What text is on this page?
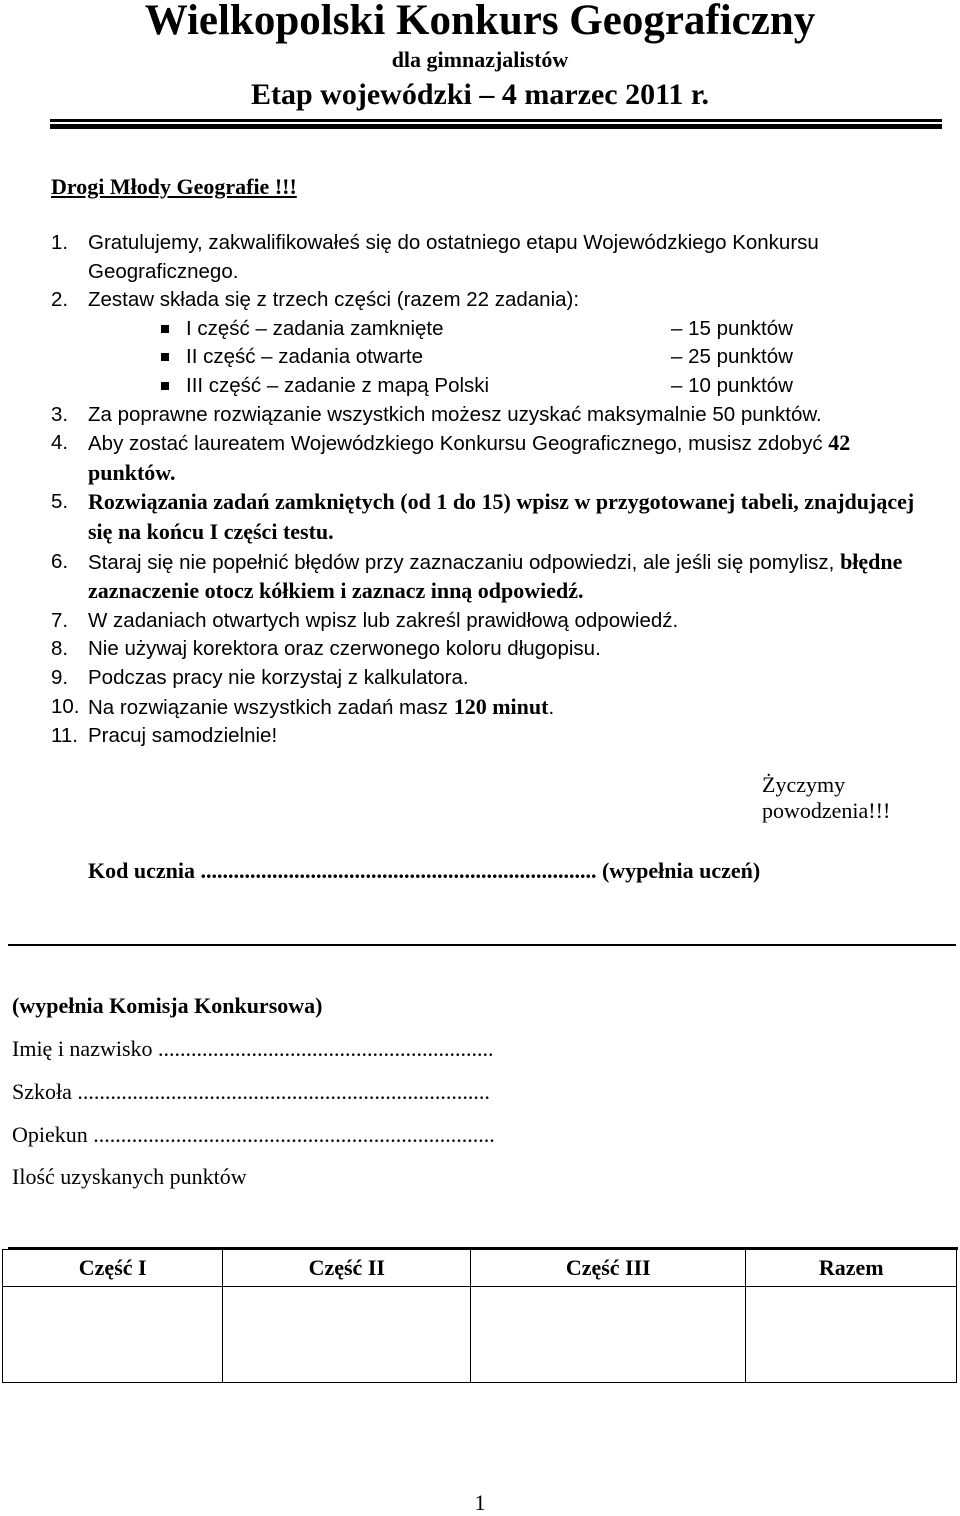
Wielkopolski Konkurs Geograficzny
dla gimnazjalistów
Etap wojewódzki – 4 marzec 2011 r.
Drogi Młody Geografie !!!
1. Gratulujemy, zakwalifikowałeś się do ostatniego etapu Wojewódzkiego Konkursu Geograficznego.
2. Zestaw składa się z trzech części (razem 22 zadania):
I część – zadania zamknięte	– 15 punktów
II część – zadania otwarte	– 25 punktów
III część – zadanie z mapą Polski	– 10 punktów
3. Za poprawne rozwiązanie wszystkich możesz uzyskać maksymalnie 50 punktów.
4. Aby zostać laureatem Wojewódzkiego Konkursu Geograficznego, musisz zdobyć 42 punktów.
5. Rozwiązania zadań zamkniętych (od 1 do 15) wpisz w przygotowanej tabeli, znajdującej się na końcu I części testu.
6. Staraj się nie popełnić błędów przy zaznaczaniu odpowiedzi, ale jeśli się pomylisz, błędne zaznaczenie otocz kółkiem i zaznacz inną odpowiedź.
7. W zadaniach otwartych wpisz lub zakreśl prawidłową odpowiedź.
8. Nie używaj korektora oraz czerwonego koloru długopisu.
9. Podczas pracy nie korzystaj z kalkulatora.
10. Na rozwiązanie wszystkich zadań masz 120 minut.
11. Pracuj samodzielnie!
Życzymy powodzenia!!!
Kod ucznia ........................................................................ (wypełnia uczeń)
(wypełnia Komisja Konkursowa)
Imię i nazwisko .............................................................
Szkoła ...........................................................................
Opiekun .........................................................................
Ilość uzyskanych punktów
Część I	Część II	Część III	Razem

1
